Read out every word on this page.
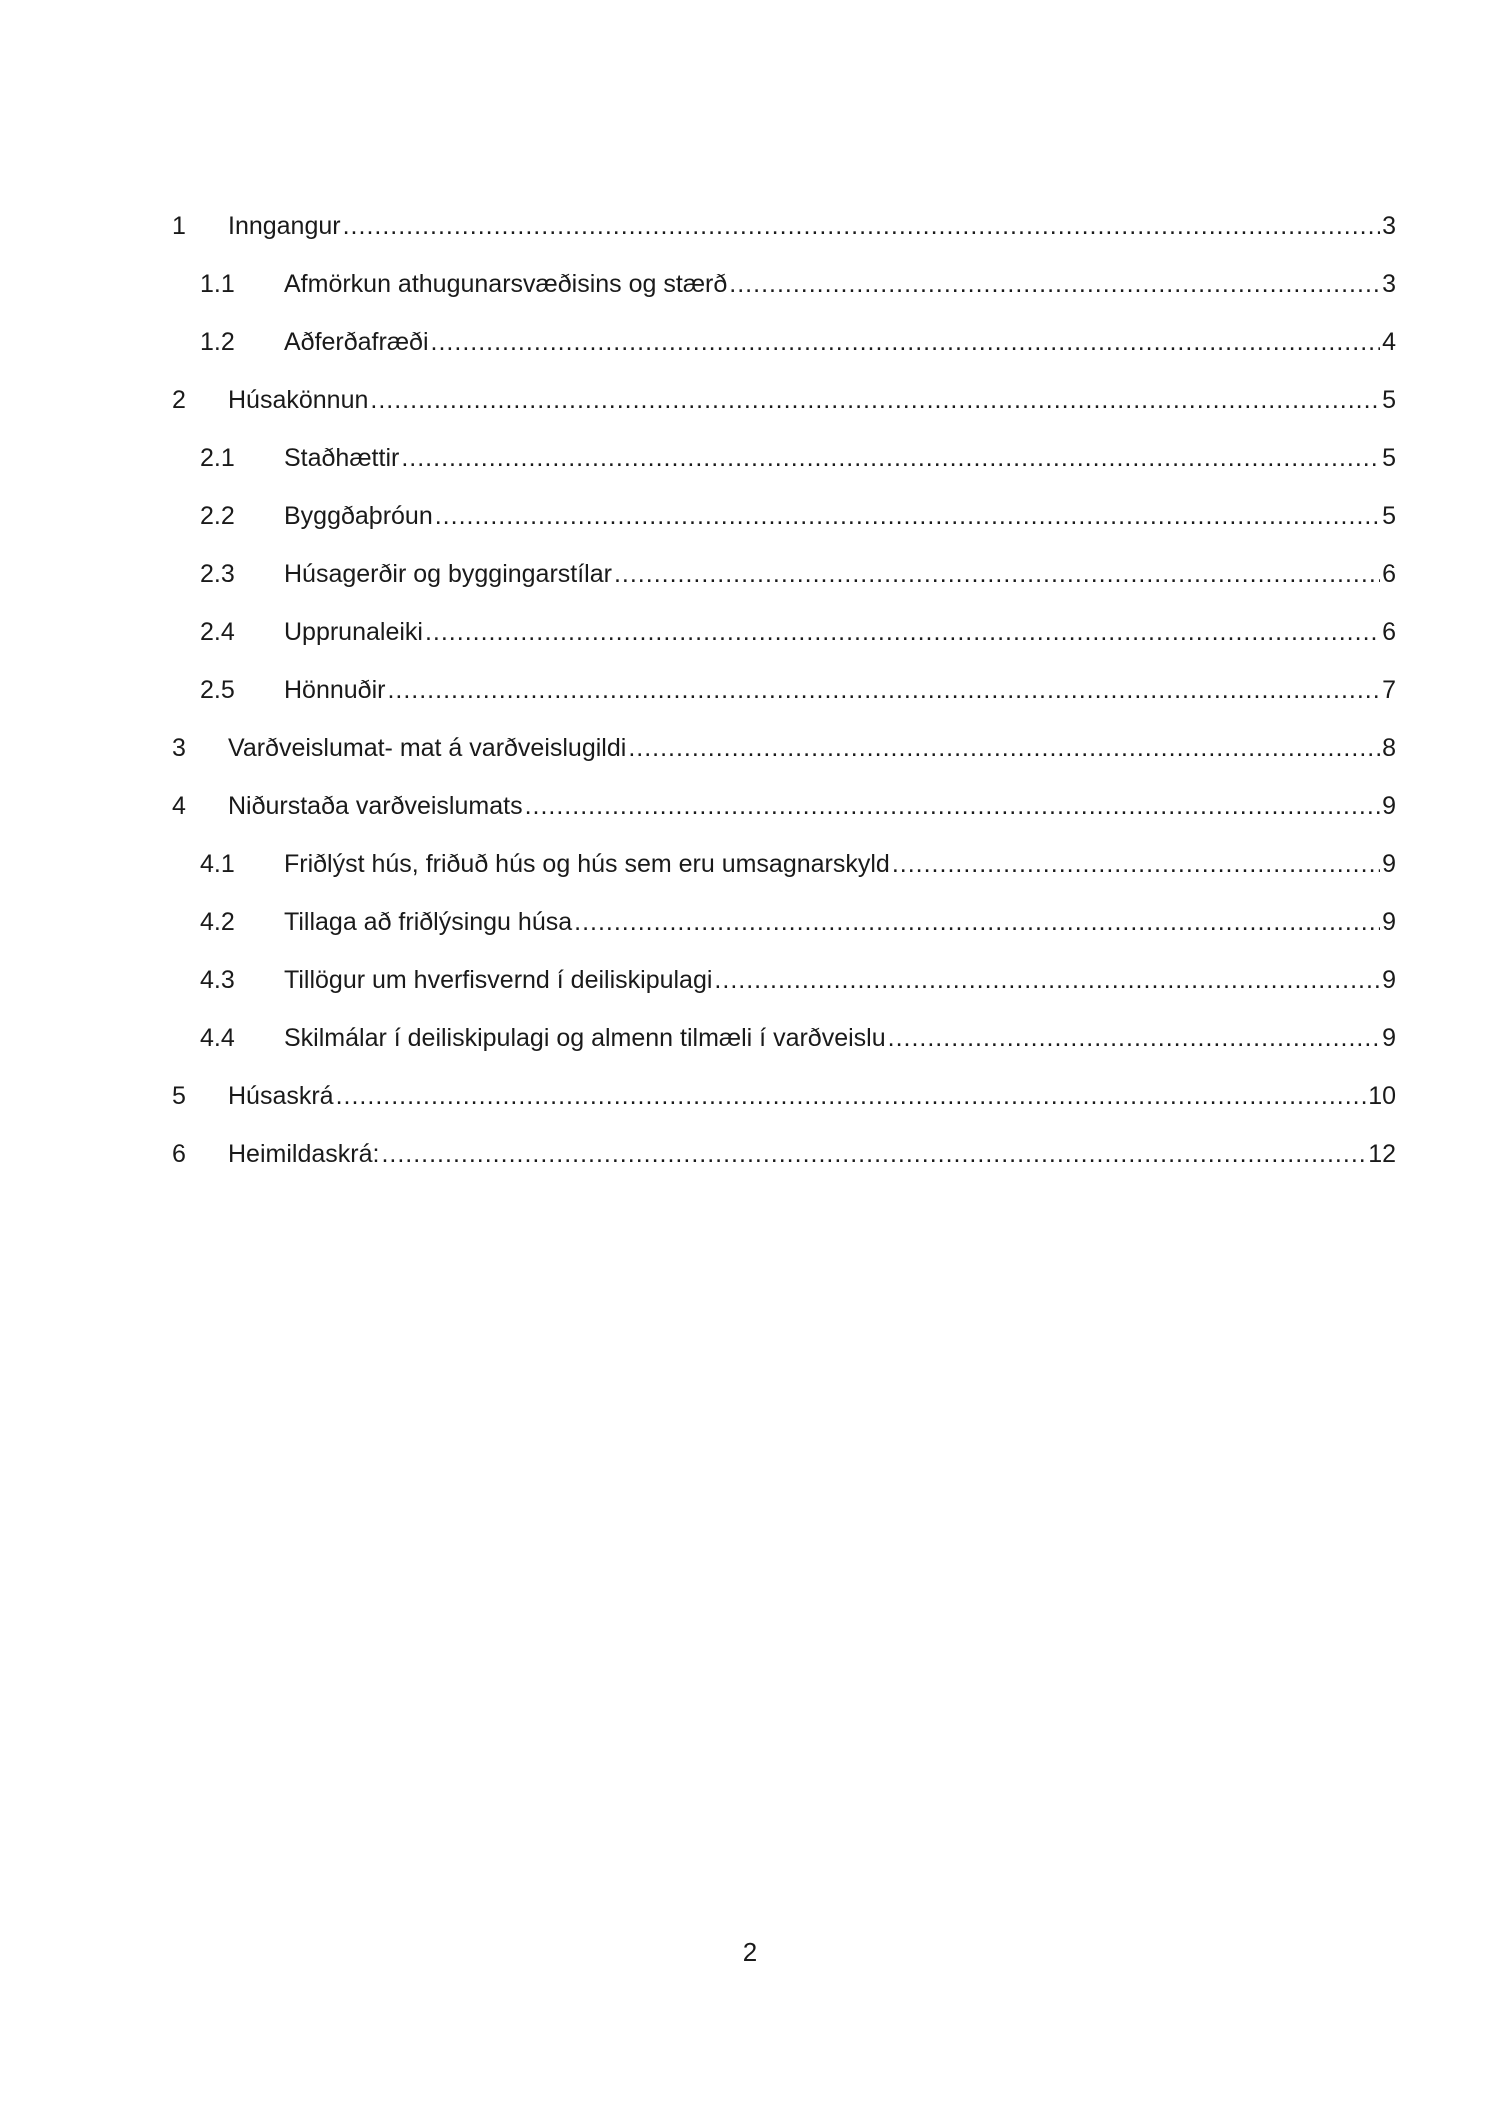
1	Inngangur .....	3
1.1	Afmörkun athugunarsvæðisins og stærð .....	3
1.2	Aðferðafræði .....	4
2	Húsakönnun .....	5
2.1	Staðhættir .....	5
2.2	Byggðaþróun .....	5
2.3	Húsagerðir og byggingarstílar .....	6
2.4	Upprunaleiki .....	6
2.5	Hönnuðir .....	7
3	Varðveislumat- mat á varðveislugildi .....	8
4	Niðurstaða varðveislumats .....	9
4.1	Friðlýst hús, friðuð hús og hús sem eru umsagnarskyld .....	9
4.2	Tillaga að friðlýsingu húsa .....	9
4.3	Tillögur um hverfisvernd í deiliskipulagi .....	9
4.4	Skilmálar í deiliskipulagi og almenn tilmæli í varðveislu .....	9
5	Húsaskrá .....	10
6	Heimildaskrá: .....	12
2
